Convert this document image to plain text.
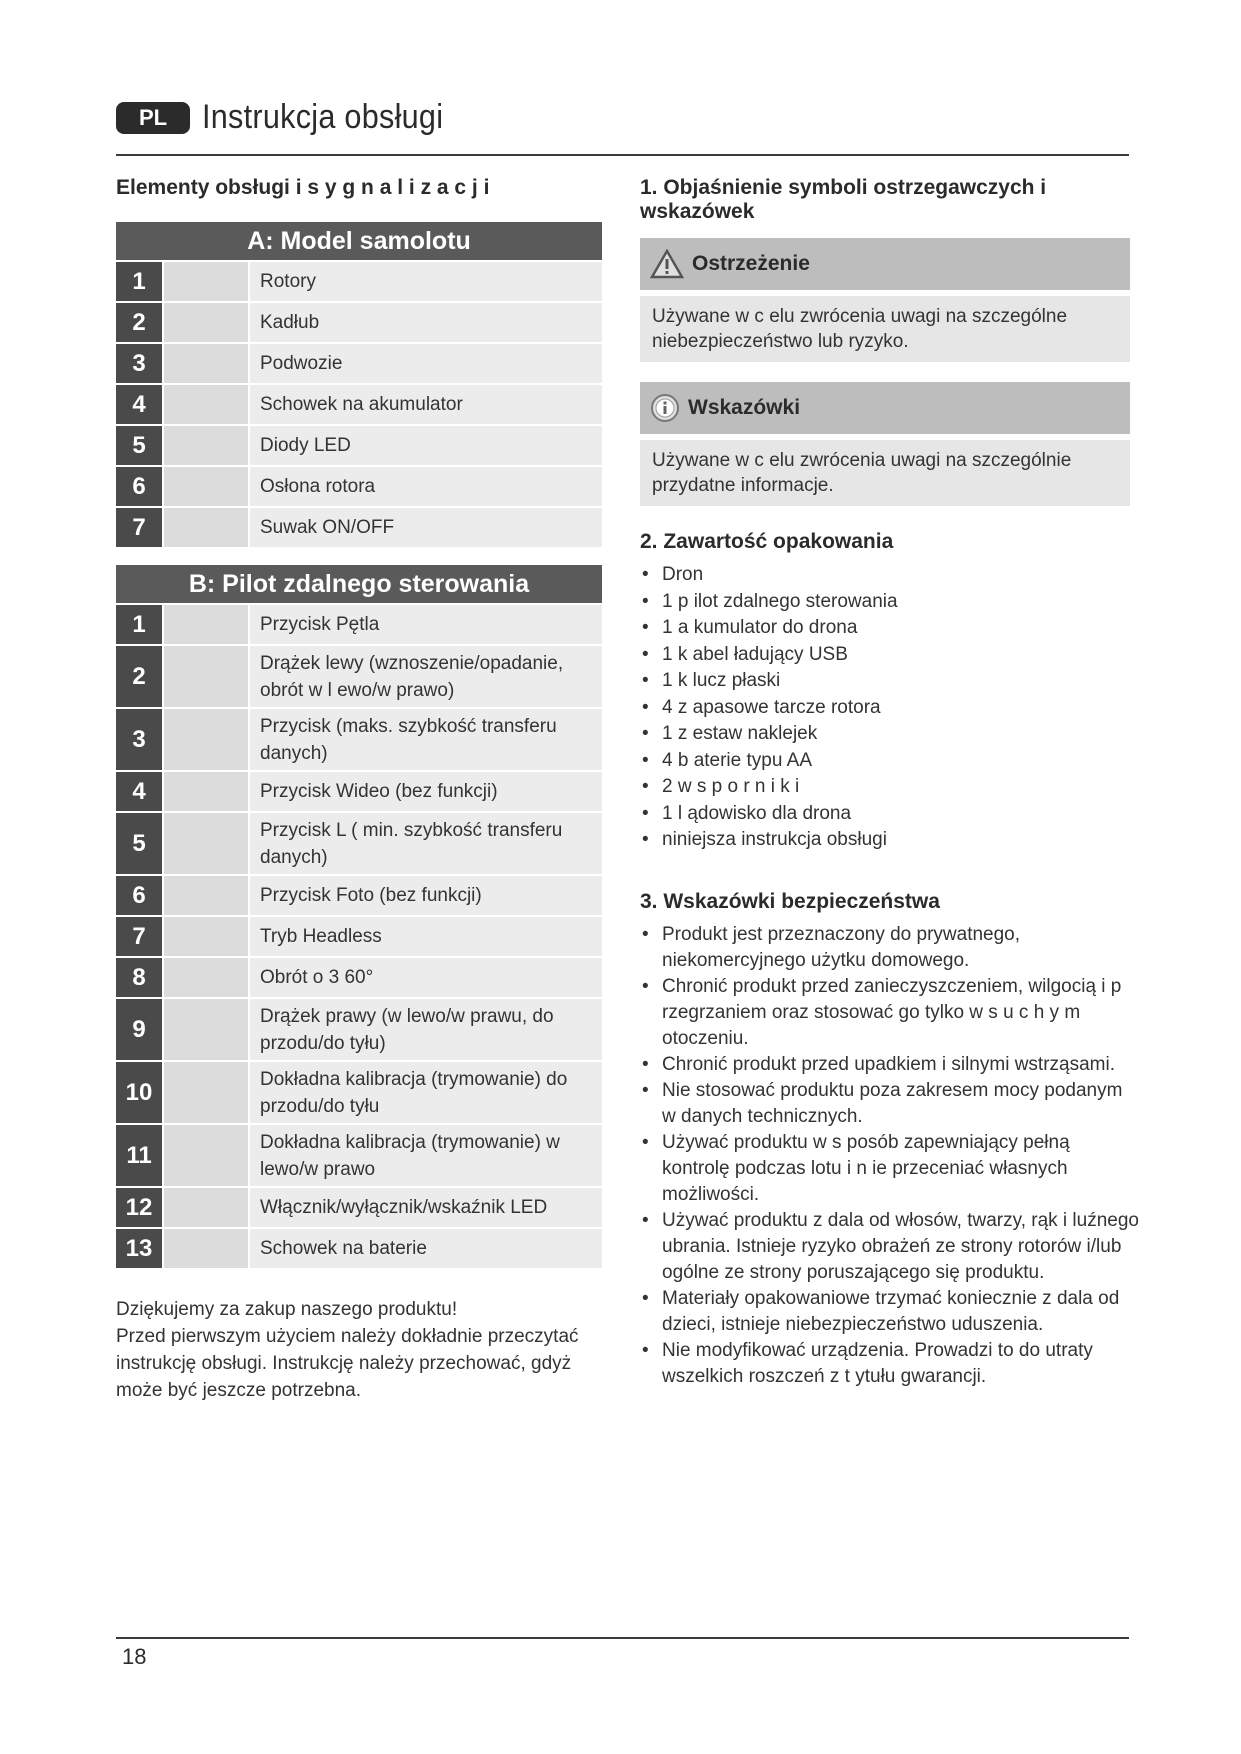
PL	Instrukcja obsługi
Elementy obsługi i s y g n a l i z a c j i
A: Model samolotu		
1		Rotory
2		Kadłub
3		Podwozie
4		Schowek na akumulator
5		Diody LED
6		Osłona rotora
7		Suwak ON/OFF
B: Pilot zdalnego sterowania		
1		Przycisk Pętla
2		Drążek lewy (wznoszenie/opadanie, obrót w l ewo/w prawo)
3		Przycisk (maks. szybkość transferu danych)
4		Przycisk Wideo (bez funkcji)
5		Przycisk L ( min. szybkość transferu danych)
6		Przycisk Foto (bez funkcji)
7		Tryb Headless
8		Obrót o 3 60°
9		Drążek prawy (w lewo/w prawu, do przodu/do tyłu)
10		Dokładna kalibracja (trymowanie) do przodu/do tyłu
11		Dokładna kalibracja (trymowanie) w lewo/w prawo
12		Włącznik/wyłącznik/wskaźnik LED
13		Schowek na baterie
Dziękujemy za zakup naszego produktu!
Przed pierwszym użyciem należy dokładnie przeczytać instrukcję obsługi. Instrukcję należy przechować, gdyż może być jeszcze potrzebna.
1. Objaśnienie symboli ostrzegawczych i wskazówek
Ostrzeżenie
Używane w c elu zwrócenia uwagi na szczególne niebezpieczeństwo lub ryzyko.
Wskazówki
Używane w c elu zwrócenia uwagi na szczególnie przydatne informacje.
2. Zawartość opakowania
• Dron
• 1 p ilot zdalnego sterowania
• 1 a kumulator do drona
• 1 k abel ładujący USB
• 1 k lucz płaski
• 4 z apasowe tarcze rotora
• 1 z estaw naklejek
• 4 b aterie typu AA
• 2 w s p o r n i k i
• 1 l ądowisko dla drona
• niniejsza instrukcja obsługi
3. Wskazówki bezpieczeństwa
• Produkt jest przeznaczony do prywatnego, niekomercyjnego użytku domowego.
• Chronić produkt przed zanieczyszczeniem, wilgocią i p rzegrzaniem oraz stosować go tylko w s u c h y m otoczeniu.
• Chronić produkt przed upadkiem i silnymi wstrząsami.
• Nie stosować produktu poza zakresem mocy podanym w danych technicznych.
• Używać produktu w s posób zapewniający pełną kontrolę podczas lotu i n ie przeceniać własnych możliwości.
• Używać produktu z dala od włosów, twarzy, rąk i luźnego ubrania. Istnieje ryzyko obrażeń ze strony rotorów i/lub ogólne ze strony poruszającego się produktu.
• Materiały opakowaniowe trzymać koniecznie z dala od dzieci, istnieje niebezpieczeństwo uduszenia.
• Nie modyfikować urządzenia. Prowadzi to do utraty wszelkich roszczeń z t ytułu gwarancji.
18
